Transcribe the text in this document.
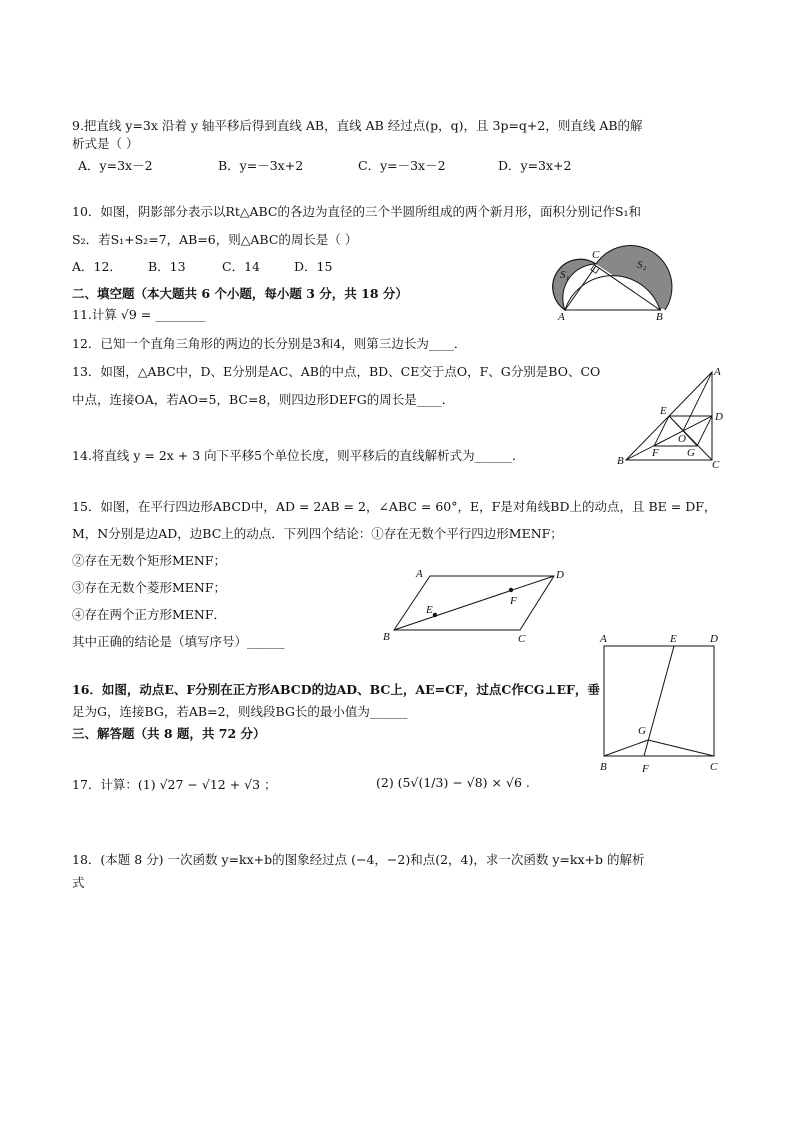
9.把直线 y=3x 沿着 y 轴平移后得到直线 AB，直线 AB 经过点(p，q)，且 3p=q+2，则直线 AB的解
析式是（ ）
A．y=3x－2	B．y=－3x+2	C．y=－3x－2	D．y=3x+2
10．如图，阴影部分表示以Rt△ABC的各边为直径的三个半圆所组成的两个新月形，面积分别记作S₁和
S₂．若S₁+S₂=7，AB=6，则△ABC的周长是（ ）
A．12． B．13	C．14	D．15
C
S₁
S₂
A	B
二、填空题（本大题共 6 个小题，每小题 3 分，共 18 分）
11.计算 √9 = ________
12．已知一个直角三角形的两边的长分别是3和4，则第三边长为____．
13．如图，△ABC中，D、E分别是AC、AB的中点，BD、CE交于点O，F、G分别是BO、CO
中点，连接OA，若AO=5，BC=8，则四边形DEFG的周长是____．
A
E	D
O
B
F	G
C
14.将直线 y = 2x + 3 向下平移5个单位长度，则平移后的直线解析式为______．
15．如图，在平行四边形ABCD中，AD = 2AB = 2，∠ABC = 60°，E，F是对角线BD上的动点，且 BE = DF，
M，N分别是边AD，边BC上的动点．下列四个结论：①存在无数个平行四边形MENF；
②存在无数个矩形MENF；
③存在无数个菱形MENF；
④存在两个正方形MENF．
其中正确的结论是（填写序号）______
A	D
E
F
B	C
16．如图，动点E、F分别在正方形ABCD的边AD、BC上，AE=CF，过点C作CG⊥EF，垂
足为G，连接BG，若AB=2，则线段BG长的最小值为______
A	E	D
G
B	F	C
三、解答题（共 8 题，共 72 分）
17．计算：(1) √27 − √12 + √3 ；	(2) (5√(1/3) − √8) × √6 .
18．(本题 8 分) 一次函数 y=kx+b的图象经过点 (−4，−2)和点(2，4)，求一次函数 y=kx+b 的解析
式
